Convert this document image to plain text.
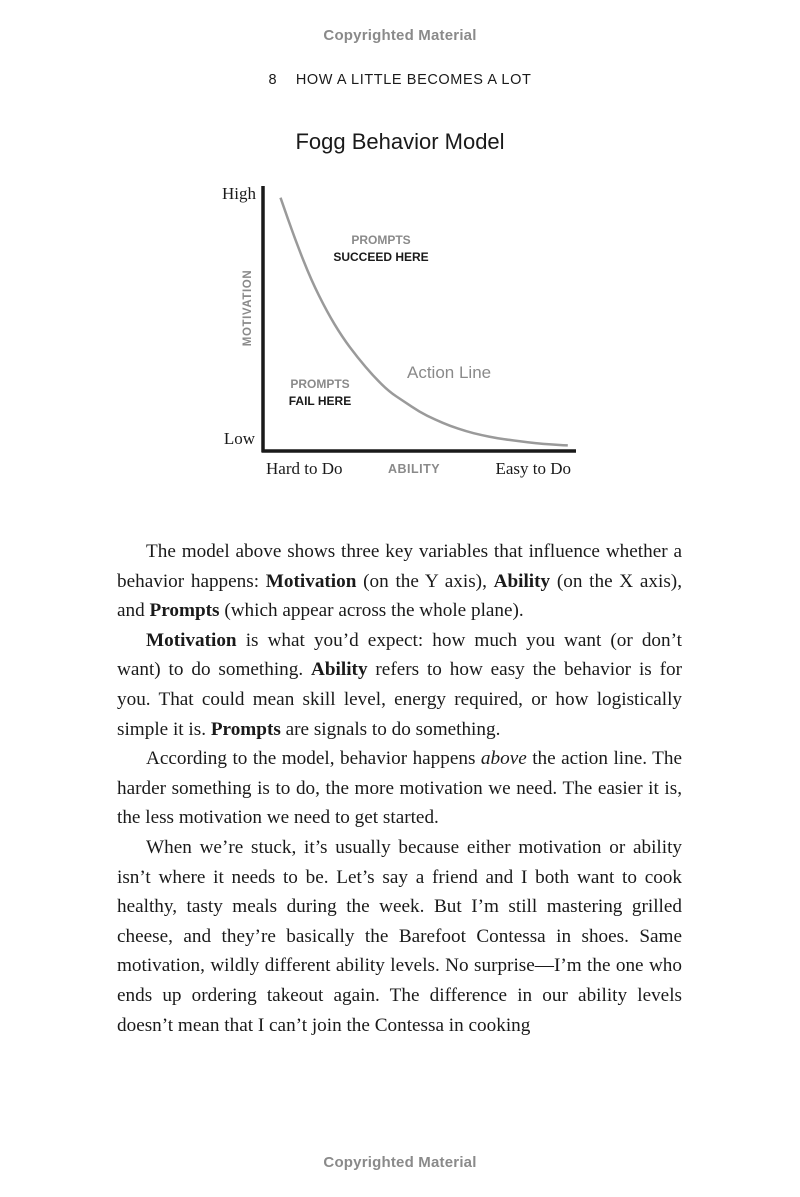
Copyrighted Material
8 HOW A LITTLE BECOMES A LOT
Fogg Behavior Model
High
Low
MOTIVATION
Hard to Do	Easy to Do
ABILITY
Action Line
PROMPTS
SUCCEED HERE
PROMPTS
FAIL HERE

The model above shows three key variables that influence whether a behavior happens: Motivation (on the Y axis), Ability (on the X axis), and Prompts (which appear across the whole plane).

Motivation is what you’d expect: how much you want (or don’t want) to do something. Ability refers to how easy the behavior is for you. That could mean skill level, energy required, or how logistically simple it is. Prompts are signals to do something.

According to the model, behavior happens above the action line. The harder something is to do, the more motivation we need. The easier it is, the less motivation we need to get started.

When we’re stuck, it’s usually because either motivation or ability isn’t where it needs to be. Let’s say a friend and I both want to cook healthy, tasty meals during the week. But I’m still mastering grilled cheese, and they’re basically the Barefoot Contessa in shoes. Same motivation, wildly different ability levels. No surprise—I’m the one who ends up ordering takeout again. The difference in our ability levels doesn’t mean that I can’t join the Contessa in cooking

Copyrighted Material
